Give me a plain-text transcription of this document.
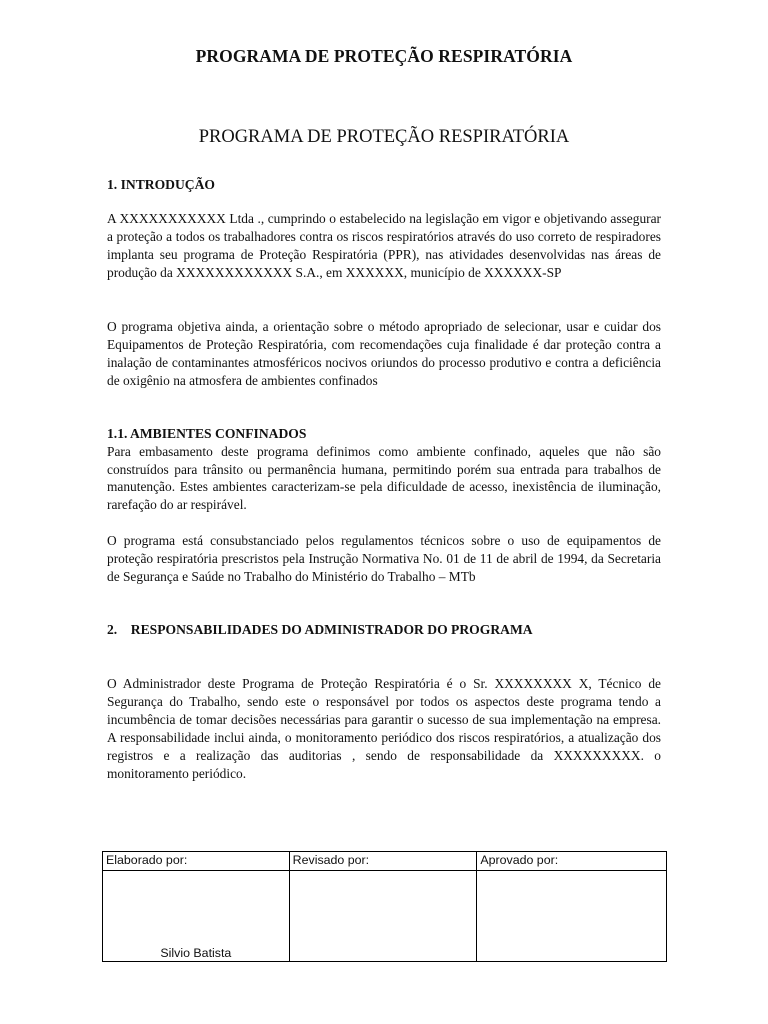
PROGRAMA DE PROTEÇÃO RESPIRATÓRIA
PROGRAMA DE PROTEÇÃO RESPIRATÓRIA
1. INTRODUÇÃO

A XXXXXXXXXXX Ltda ., cumprindo o estabelecido na legislação em vigor e objetivando assegurar a proteção a todos os trabalhadores contra os riscos respiratórios através do uso correto de respiradores implanta seu programa de Proteção Respiratória (PPR), nas atividades desenvolvidas nas áreas de produção da XXXXXXXXXXXX S.A., em XXXXXX, município de XXXXXX-SP

O programa objetiva ainda, a orientação sobre o método apropriado de selecionar, usar e cuidar dos Equipamentos de Proteção Respiratória, com recomendações cuja finalidade é dar proteção contra a inalação de contaminantes atmosféricos nocivos oriundos do processo produtivo e contra a deficiência de oxigênio na atmosfera de ambientes confinados

1.1. AMBIENTES CONFINADOS

Para embasamento deste programa definimos como ambiente confinado, aqueles que não são construídos para trânsito ou permanência humana, permitindo porém sua entrada para trabalhos de manutenção. Estes ambientes caracterizam-se pela dificuldade de acesso, inexistência de iluminação, rarefação do ar respirável.

O programa está consubstanciado pelos regulamentos técnicos sobre o uso de equipamentos de proteção respiratória prescristos pela Instrução Normativa No. 01 de 11 de abril de 1994, da Secretaria de Segurança e Saúde no Trabalho do Ministério do Trabalho – MTb

2.    RESPONSABILIDADES DO ADMINISTRADOR DO PROGRAMA

O Administrador deste Programa de Proteção Respiratória é o Sr. XXXXXXXX X, Técnico de Segurança do Trabalho, sendo este o responsável por todos os aspectos deste programa tendo a incumbência de tomar decisões necessárias para garantir o sucesso de sua implementação na empresa. A responsabilidade inclui ainda, o monitoramento periódico dos riscos respiratórios, a atualização dos registros e a realização das auditorias , sendo de responsabilidade da XXXXXXXXX. o monitoramento periódico.

Elaborado por:	Revisado por:	Aprovado por:

Silvio Batista		
